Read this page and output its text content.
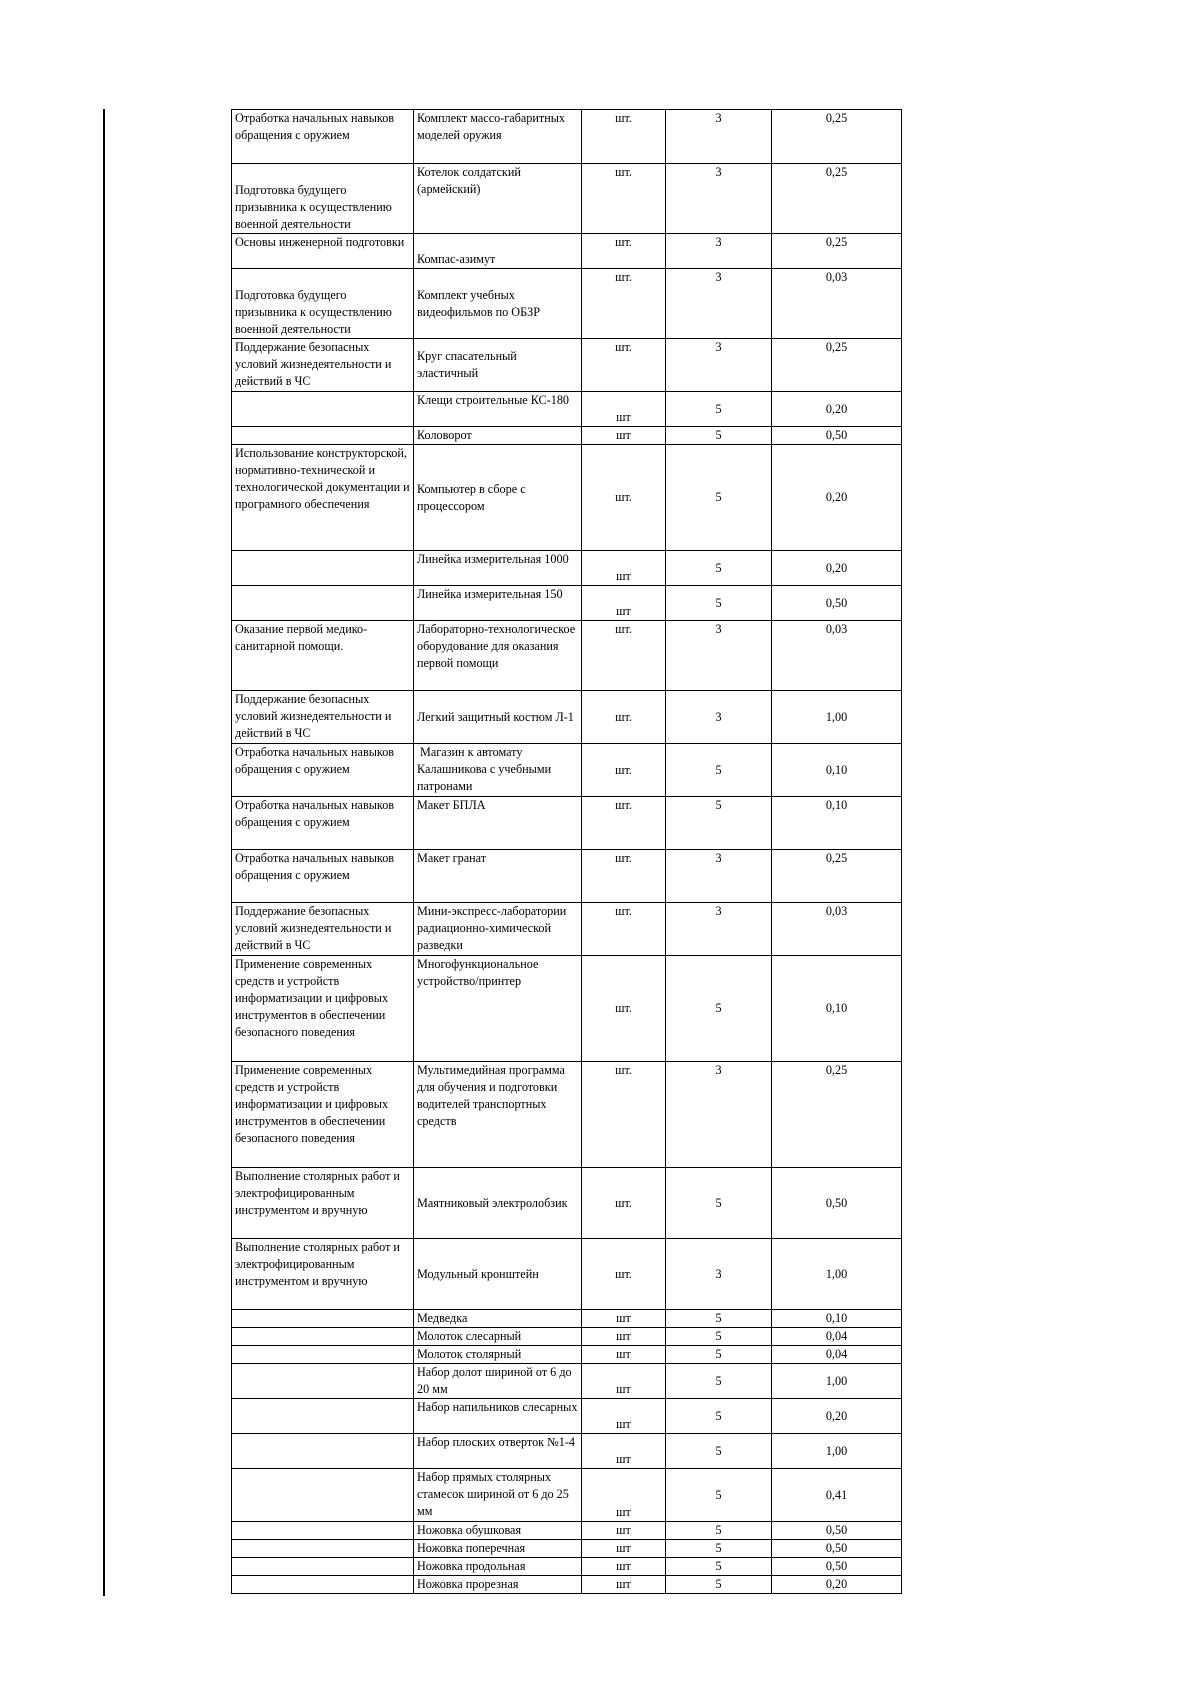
Отработка начальных навыков обращения с оружием	Комплект массо-габаритных моделей оружия	шт.	3	0,25
Подготовка будущего призывника к осуществлению военной деятельности	Котелок солдатский (армейский)	шт.	3	0,25
Основы инженерной подготовки	Компас-азимут	шт.	3	0,25
Подготовка будущего призывника к осуществлению военной деятельности	Комплект учебных видеофильмов по ОБЗР	шт.	3	0,03
Поддержание безопасных условий жизнедеятельности и действий в ЧС	Круг спасательный эластичный	шт.	3	0,25
	Клещи строительные КС-180	шт	5	0,20
	Коловорот	шт	5	0,50
Использование конструкторской, нормативно-технической и технологической документации и програмного обеспечения	Компьютер в сборе с процессором	шт.	5	0,20
	Линейка измерительная 1000	шт	5	0,20
	Линейка измерительная 150	шт	5	0,50
Оказание первой медико-санитарной помощи.	Лабораторно-технологическое оборудование для оказания первой помощи	шт.	3	0,03
Поддержание безопасных условий жизнедеятельности и действий в ЧС	Легкий защитный костюм Л-1	шт.	3	1,00
Отработка начальных навыков обращения с оружием	Магазин к автомату Калашникова с учебными патронами	шт.	5	0,10
Отработка начальных навыков обращения с оружием	Макет БПЛА	шт.	5	0,10
Отработка начальных навыков обращения с оружием	Макет гранат	шт.	3	0,25
Поддержание безопасных условий жизнедеятельности и действий в ЧС	Мини-экспресс-лаборатории радиационно-химической разведки	шт.	3	0,03
Применение современных средств и устройств информатизации и цифровых инструментов в обеспечении безопасного поведения	Многофункциональное устройство/принтер	шт.	5	0,10
Применение современных средств и устройств информатизации и цифровых инструментов в обеспечении безопасного поведения	Мультимедийная программа для обучения и подготовки водителей транспортных средств	шт.	3	0,25
Выполнение столярных работ и электрофицированным инструментом и вручную	Маятниковый электролобзик	шт.	5	0,50
Выполнение столярных работ и электрофицированным инструментом и вручную	Модульный кронштейн	шт.	3	1,00
	Медведка	шт	5	0,10
	Молоток слесарный	шт	5	0,04
	Молоток столярный	шт	5	0,04
	Набор долот шириной от 6 до 20 мм	шт	5	1,00
	Набор напильников слесарных	шт	5	0,20
	Набор плоских отверток №1-4	шт	5	1,00
	Набор прямых столярных стамесок шириной от 6 до 25 мм	шт	5	0,41
	Ножовка обушковая	шт	5	0,50
	Ножовка поперечная	шт	5	0,50
	Ножовка продольная	шт	5	0,50
	Ножовка прорезная	шт	5	0,20
